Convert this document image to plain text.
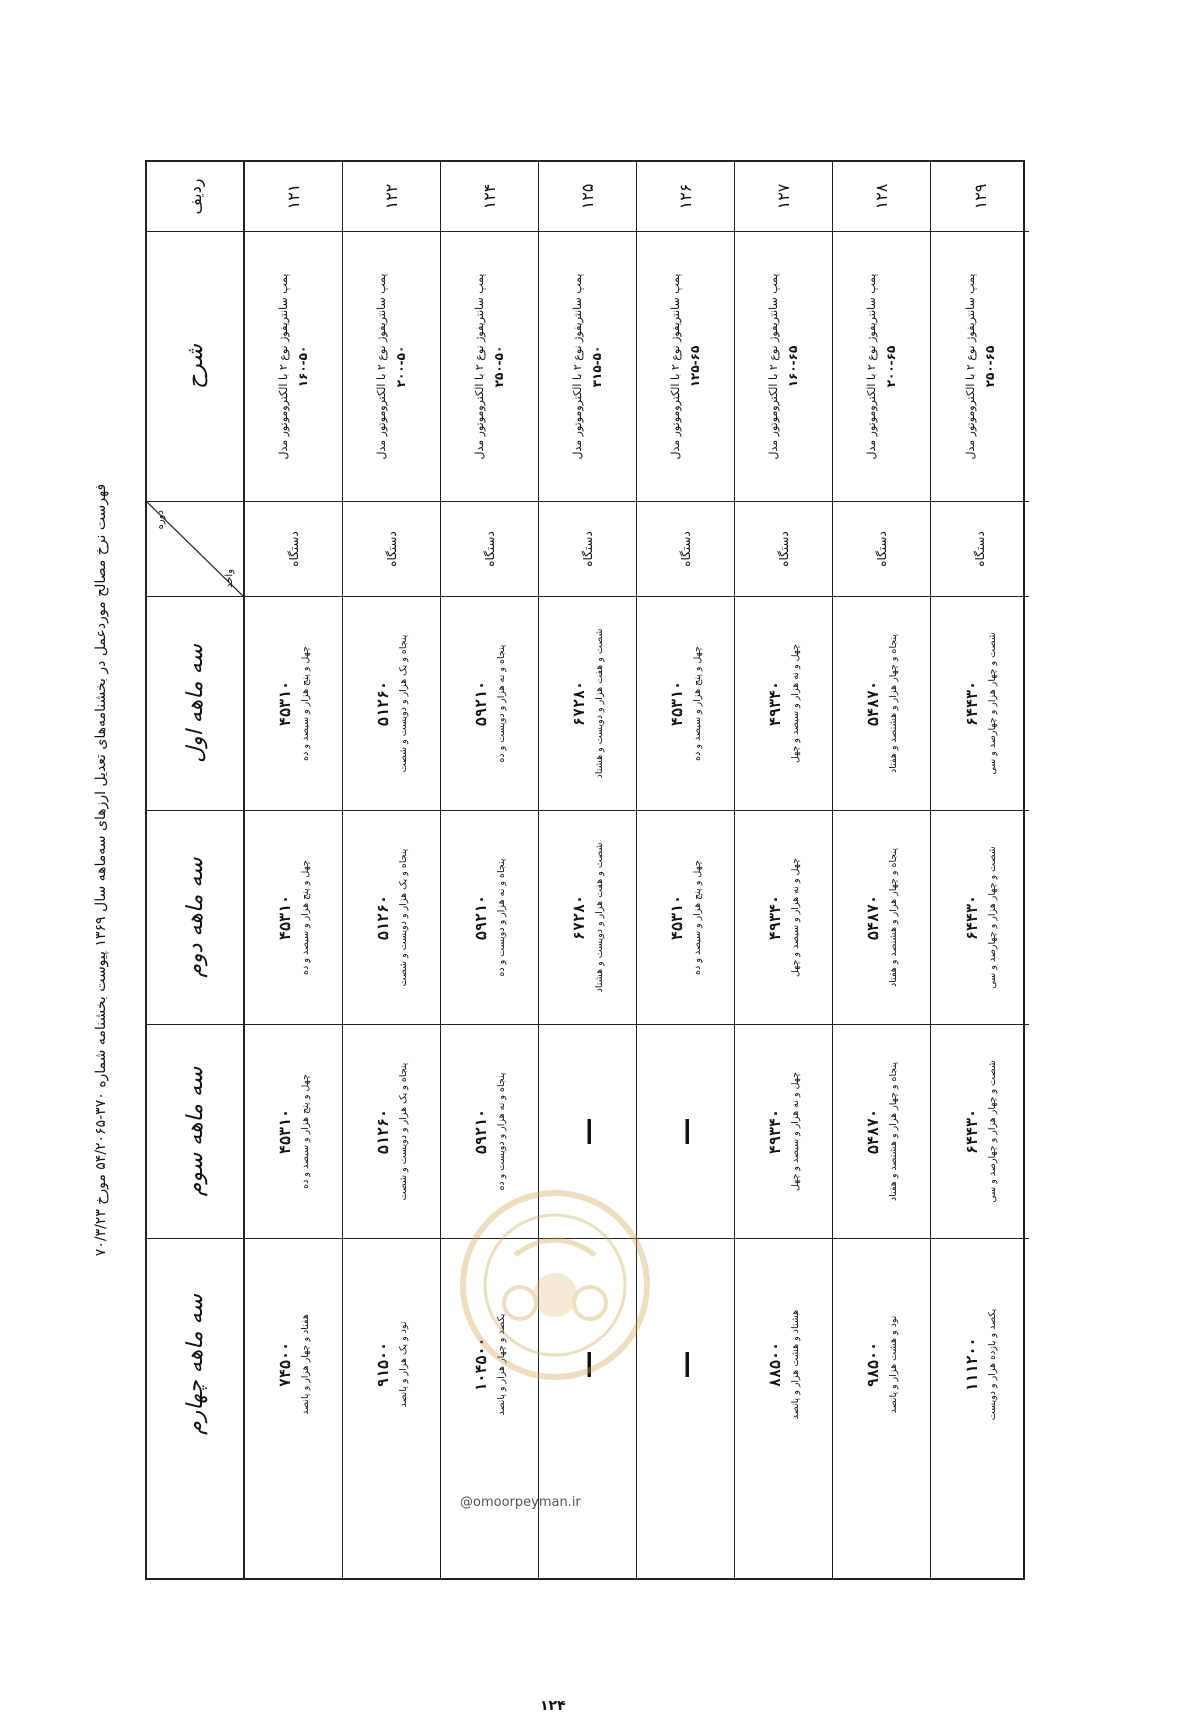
فهرست نرخ مصالح موردعمل در بخشنامه‌های تعدیل ارزهای سه‌ماهه سال ۱۳۶۹ پیوست بخشنامه شماره ۳۷۰-۵۴/۲۰۶۵ مورخ ۷۰/۳/۲۳
ردیف
شرح
دوره
واحد
سه ماهه اول
سه ماهه دوم
سه ماهه سوم
سه ماهه چهارم
۱۲۱
پمپ سانتریفوژ نوع ۲ با الکتروموتور مدل
۱۶۰-۵۰
دستگاه
۴۵۳۱۰ چهل و پنج هزار و سیصد و ده
۴۵۳۱۰ چهل و پنج هزار و سیصد و ده
۴۵۳۱۰ چهل و پنج هزار و سیصد و ده
۷۴۵۰۰ هفتاد و چهار هزار و پانصد
۱۲۲
پمپ سانتریفوژ نوع ۲ با الکتروموتور مدل
۲۰۰-۵۰
دستگاه
۵۱۲۶۰ پنجاه و یک هزار و دویست و شصت
۵۱۲۶۰ پنجاه و یک هزار و دویست و شصت
۵۱۲۶۰ پنجاه و یک هزار و دویست و شصت
۹۱۵۰۰ نود و یک هزار و پانصد
۱۲۴
پمپ سانتریفوژ نوع ۲ با الکتروموتور مدل
۲۵۰-۵۰
دستگاه
۵۹۲۱۰ پنجاه و نه هزار و دویست و ده
۵۹۲۱۰ پنجاه و نه هزار و دویست و ده
۵۹۲۱۰ پنجاه و نه هزار و دویست و ده
۱۰۴۵۰۰ یکصد و چهار هزار و پانصد
۱۲۵
پمپ سانتریفوژ نوع ۲ با الکتروموتور مدل
۳۱۵-۵۰
دستگاه
۶۷۲۸۰ شصت و هفت هزار و دویست و هشتاد
۶۷۲۸۰ شصت و هفت هزار و دویست و هشتاد
—
—
۱۲۶
پمپ سانتریفوژ نوع ۲ با الکتروموتور مدل
۱۲۵-۶۵
دستگاه
۴۵۳۱۰ چهل و پنج هزار و سیصد و ده
۴۵۳۱۰ چهل و پنج هزار و سیصد و ده
—
—
۱۲۷
پمپ سانتریفوژ نوع ۲ با الکتروموتور مدل
۱۶۰-۶۵
دستگاه
۴۹۳۴۰ چهل و نه هزار و سیصد و چهل
۴۹۳۴۰ چهل و نه هزار و سیصد و چهل
۴۹۳۴۰ چهل و نه هزار و سیصد و چهل
۸۸۵۰۰ هشتاد و هشت هزار و پانصد
۱۲۸
پمپ سانتریفوژ نوع ۲ با الکتروموتور مدل
۲۰۰-۶۵
دستگاه
۵۴۸۷۰ پنجاه و چهار هزار و هشتصد و هفتاد
۵۴۸۷۰ پنجاه و چهار هزار و هشتصد و هفتاد
۵۴۸۷۰ پنجاه و چهار هزار و هشتصد و هفتاد
۹۸۵۰۰ نود و هشت هزار و پانصد
۱۲۹
پمپ سانتریفوژ نوع ۲ با الکتروموتور مدل
۲۵۰-۶۵
دستگاه
۶۴۴۳۰ شصت و چهار هزار و چهارصد و سی
۶۴۴۳۰ شصت و چهار هزار و چهارصد و سی
۶۴۴۳۰ شصت و چهار هزار و چهارصد و سی
۱۱۱۲۰۰ یکصد و یازده هزار و دویست
۱۲۴
@omoorpeyman.ir
